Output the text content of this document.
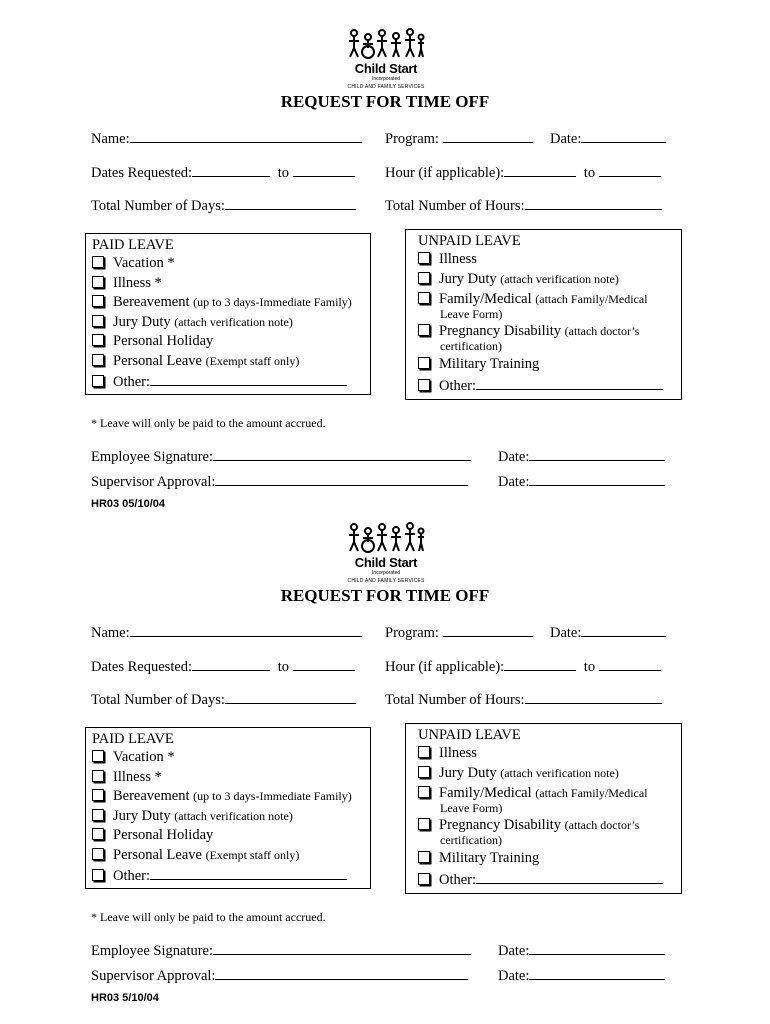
Child Start
Incorporated
CHILD AND FAMILY SERVICES
REQUEST FOR TIME OFF
Name:	Program:	Date:
Dates Requested:	to	Hour (if applicable):	to
Total Number of Days:	Total Number of Hours:
PAID LEAVE
Vacation *
Illness *
Bereavement (up to 3 days-Immediate Family)
Jury Duty (attach verification note)
Personal Holiday
Personal Leave (Exempt staff only)
Other:
UNPAID LEAVE
Illness
Jury Duty (attach verification note)
Family/Medical (attach Family/Medical
Leave Form)
Pregnancy Disability (attach doctor’s
certification)
Military Training
Other:
* Leave will only be paid to the amount accrued.
Employee Signature:	Date:
Supervisor Approval:	Date:
HR03 05/10/04
Child Start
Incorporated
CHILD AND FAMILY SERVICES
REQUEST FOR TIME OFF
Name:	Program:	Date:
Dates Requested:	to	Hour (if applicable):	to
Total Number of Days:	Total Number of Hours:
PAID LEAVE
Vacation *
Illness *
Bereavement (up to 3 days-Immediate Family)
Jury Duty (attach verification note)
Personal Holiday
Personal Leave (Exempt staff only)
Other:
UNPAID LEAVE
Illness
Jury Duty (attach verification note)
Family/Medical (attach Family/Medical
Leave Form)
Pregnancy Disability (attach doctor’s
certification)
Military Training
Other:
* Leave will only be paid to the amount accrued.
Employee Signature:	Date:
Supervisor Approval:	Date:
HR03 5/10/04
